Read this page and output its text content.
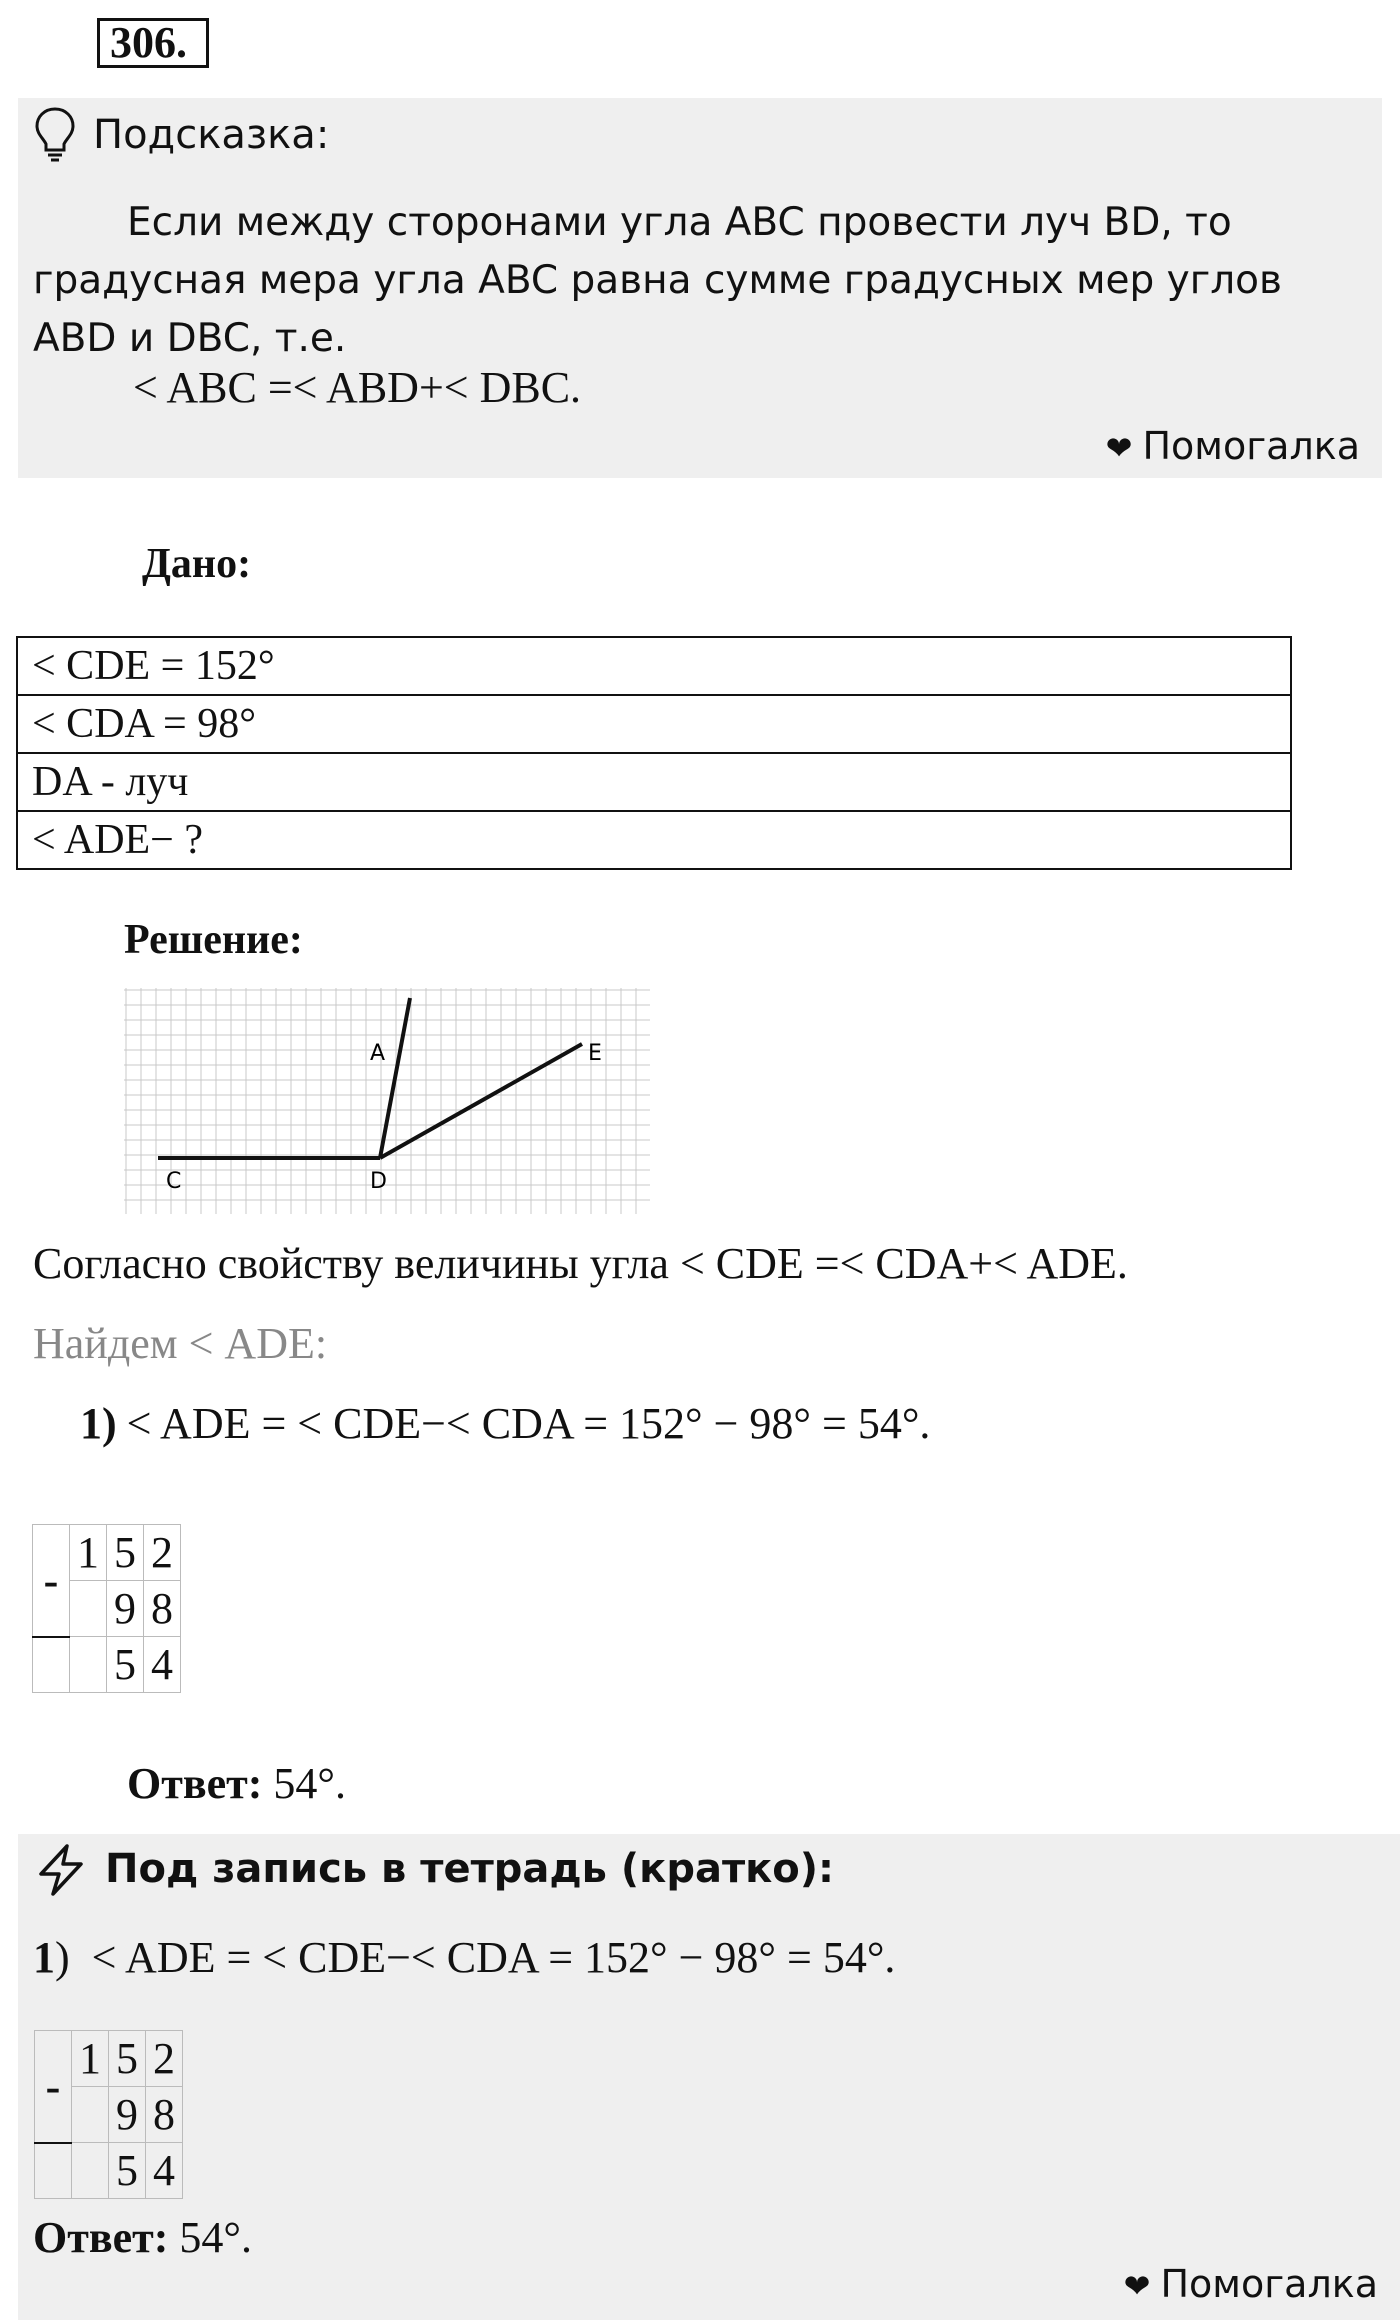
306.
Подсказка:
Если между сторонами угла ABC провести луч BD, то градусная мера угла ABC равна сумме градусных мер углов ABD и DBC, т.е.
< ABC =< ABD+< DBC.
❤ Помогалка
Дано:
< CDE = 152°
< CDA = 98°
DA - луч
< ADE− ?
Решение:
A	E
C	D
Согласно свойству величины угла < CDE =< CDA+< ADE.
Найдем < ADE:
1) < ADE = < CDE−< CDA = 152° − 98° = 54°.
-	1	5	2
		9	8
		5	4
Ответ: 54°.
Под запись в тетрадь (кратко):
1) < ADE = < CDE−< CDA = 152° − 98° = 54°.
-	1	5	2
		9	8
		5	4
Ответ: 54°.
❤ Помогалка
